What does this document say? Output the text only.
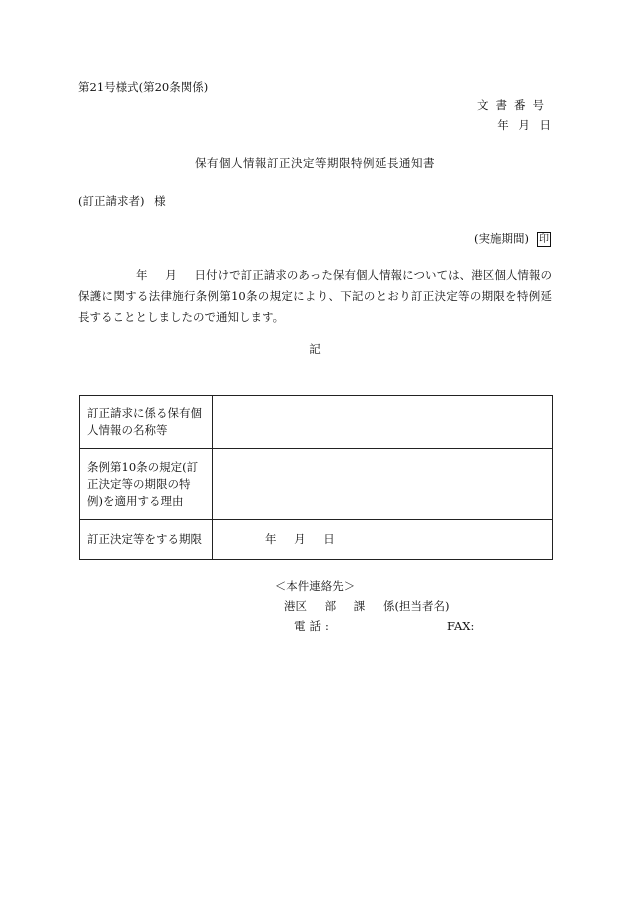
第21号様式(第20条関係)
文書番号
年 月 日
保有個人情報訂正決定等期限特例延長通知書
(訂正請求者) 様
(実施期間) 印
年 月 日付けで訂正請求のあった保有個人情報については、港区個人情報の保護に関する法律施行条例第10条の規定により、下記のとおり訂正決定等の期限を特例延長することとしましたので通知します。
記
訂正請求に係る保有個人情報の名称等	
条例第10条の規定(訂正決定等の期限の特例)を適用する理由	
訂正決定等をする期限	年 月 日
＜本件連絡先＞
港区 部 課 係(担当者名)
電話:	FAX:
